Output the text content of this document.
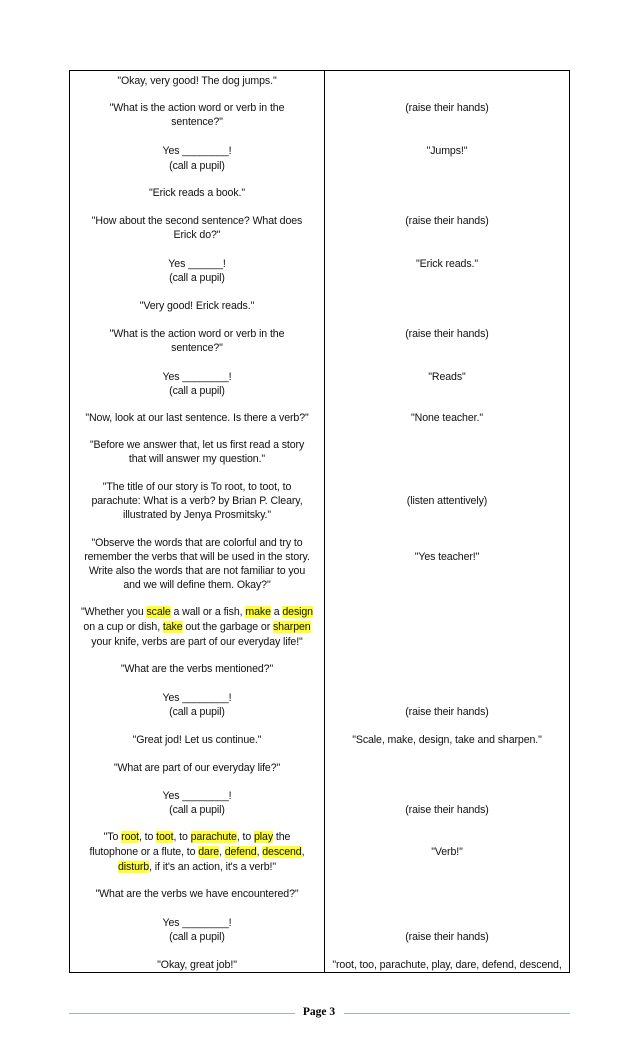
"Okay, very good! The dog jumps."
"What is the action word or verb in the
sentence?"
Yes ________!
(call a pupil)
"Erick reads a book."
"How about the second sentence? What does
Erick do?"
Yes ______!
(call a pupil)
"Very good! Erick reads."
"What is the action word or verb in the
sentence?"
Yes ________!
(call a pupil)
"Now, look at our last sentence. Is there a verb?"
"Before we answer that, let us first read a story
that will answer my question."
"The title of our story is To root, to toot, to
parachute: What is a verb? by Brian P. Cleary,
illustrated by Jenya Prosmitsky."
"Observe the words that are colorful and try to
remember the verbs that will be used in the story.
Write also the words that are not familiar to you
and we will define them. Okay?"
"Whether you scale a wall or a fish, make a design
on a cup or dish, take out the garbage or sharpen
your knife, verbs are part of our everyday life!"
"What are the verbs mentioned?"
Yes ________!
(call a pupil)
"Great jod! Let us continue."
"What are part of our everyday life?"
Yes ________!
(call a pupil)
"To root, to toot, to parachute, to play the
flutophone or a flute, to dare, defend, descend,
disturb, if it's an action, it's a verb!"
"What are the verbs we have encountered?"
Yes ________!
(call a pupil)
"Okay, great job!"
(raise their hands)
"Jumps!"
(raise their hands)
"Erick reads."
(raise their hands)
"Reads"
"None teacher."
(listen attentively)
"Yes teacher!"
(raise their hands)
"Scale, make, design, take and sharpen."
(raise their hands)
"Verb!"
(raise their hands)
"root, too, parachute, play, dare, defend, descend,
Page 3
